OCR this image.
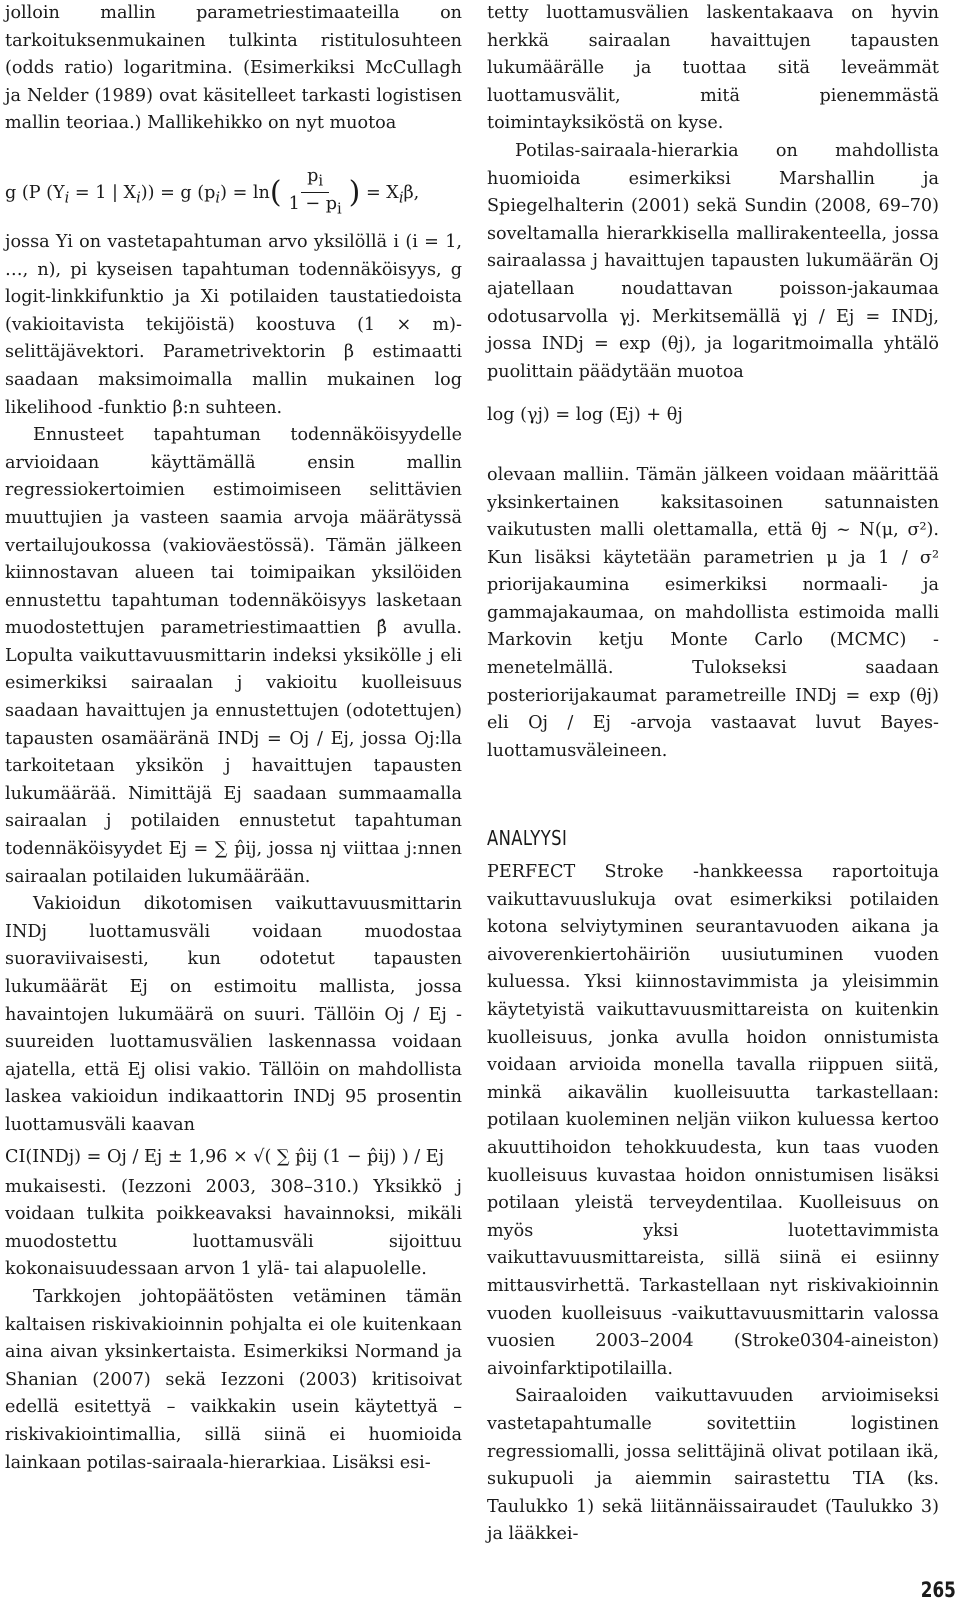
jolloin mallin parametriestimaateilla on tarkoituksenmukainen tulkinta ristitulosuhteen (odds ratio) logaritmina. (Esimerkiksi McCullagh ja Nelder (1989) ovat käsitelleet tarkasti logistisen mallin teoriaa.) Mallikehikko on nyt muotoa

g (P ($Y_i = 1$ | $X_i)) = g$ $(p_i) = \ln( \frac{p_i}{1 - p_i}$ ) = $X_i\beta$,

jossa Yi on vastetapahtuman arvo yksilöllä i (i = 1, …, n), pi kyseisen tapahtuman todennäköisyys, g logit-linkkifunktio ja Xi potilaiden taustatiedoista (vakioitavista tekijöistä) koostuva (1 × m)-selittäjävektori. Parametrivektorin β estimaatti saadaan maksimoimalla mallin mukainen log likelihood -funktio β:n suhteen.

Ennusteet tapahtuman todennäköisyydelle arvioidaan käyttämällä ensin mallin regressiokertoimien estimoimiseen selittävien muuttujien ja vasteen saamia arvoja määrätyssä vertailujoukossa (vakioväestössä). Tämän jälkeen kiinnostavan alueen tai toimipaikan yksilöiden ennustettu tapahtuman todennäköisyys lasketaan muodostettujen parametriestimaattien β̂ avulla. Lopulta vaikuttavuusmittarin indeksi yksikölle j eli esimerkiksi sairaalan j vakioitu kuolleisuus saadaan havaittujen ja ennustettujen (odotettujen) tapausten osamääränä INDj = Oj / Ej, jossa Oj:lla tarkoitetaan yksikön j havaittujen tapausten lukumäärää. Nimittäjä Ej saadaan summaamalla sairaalan j potilaiden ennustetut tapahtuman todennäköisyydet Ej = ∑ p̂ij, jossa nj viittaa j:nnen sairaalan potilaiden lukumäärään.

Vakioidun dikotomisen vaikuttavuusmittarin INDj luottamusväli voidaan muodostaa suoraviivaisesti, kun odotetut tapausten lukumäärät Ej on estimoitu mallista, jossa havaintojen lukumäärä on suuri. Tällöin Oj / Ej -suureiden luottamusvälien laskennassa voidaan ajatella, että Ej olisi vakio. Tällöin on mahdollista laskea vakioidun indikaattorin INDj 95 prosentin luottamusväli kaavan

CI(INDj) = Oj / Ej ± 1,96 × √( ∑ p̂ij (1 − p̂ij) ) / Ej

mukaisesti. (Iezzoni 2003, 308–310.) Yksikkö j voidaan tulkita poikkeavaksi havainnoksi, mikäli muodostettu luottamusväli sijoittuu kokonaisuudessaan arvon 1 ylä- tai alapuolelle.

Tarkkojen johtopäätösten vetäminen tämän kaltaisen riskivakioinnin pohjalta ei ole kuitenkaan aina aivan yksinkertaista. Esimerkiksi Normand ja Shanian (2007) sekä Iezzoni (2003) kritisoivat edellä esitettyä – vaikkakin usein käytettyä – riskivakiointimallia, sillä siinä ei huomioida lainkaan potilas-sairaala-hierarkiaa. Lisäksi esi-

tetty luottamusvälien laskentakaava on hyvin herkkä sairaalan havaittujen tapausten lukumäärälle ja tuottaa sitä leveämmät luottamusvälit, mitä pienemmästä toimintayksiköstä on kyse.

Potilas-sairaala-hierarkia on mahdollista huomioida esimerkiksi Marshallin ja Spiegelhalterin (2001) sekä Sundin (2008, 69–70) soveltamalla hierarkkisella mallirakenteella, jossa sairaalassa j havaittujen tapausten lukumäärän Oj ajatellaan noudattavan poisson-jakaumaa odotusarvolla γj. Merkitsemällä γj / Ej = INDj, jossa INDj = exp (θj), ja logaritmoimalla yhtälö puolittain päädytään muotoa

log (γj) = log (Ej) + θj

olevaan malliin. Tämän jälkeen voidaan määrittää yksinkertainen kaksitasoinen satunnaisten vaikutusten malli olettamalla, että θj ~ N(μ, σ²). Kun lisäksi käytetään parametrien μ ja 1 / σ² priorijakaumina esimerkiksi normaali- ja gammajakaumaa, on mahdollista estimoida malli Markovin ketju Monte Carlo (MCMC) -menetelmällä. Tulokseksi saadaan posteriorijakaumat parametreille INDj = exp (θj) eli Oj / Ej -arvoja vastaavat luvut Bayes-luottamusväleineen.

ANALYYSI

PERFECT Stroke -hankkeessa raportoituja vaikuttavuuslukuja ovat esimerkiksi potilaiden kotona selviytyminen seurantavuoden aikana ja aivoverenkiertohäiriön uusiutuminen vuoden kuluessa. Yksi kiinnostavimmista ja yleisimmin käytetyistä vaikuttavuusmittareista on kuitenkin kuolleisuus, jonka avulla hoidon onnistumista voidaan arvioida monella tavalla riippuen siitä, minkä aikavälin kuolleisuutta tarkastellaan: potilaan kuoleminen neljän viikon kuluessa kertoo akuuttihoidon tehokkuudesta, kun taas vuoden kuolleisuus kuvastaa hoidon onnistumisen lisäksi potilaan yleistä terveydentilaa. Kuolleisuus on myös yksi luotettavimmista vaikuttavuusmittareista, sillä siinä ei esiinny mittausvirhettä. Tarkastellaan nyt riskivakioinnin vuoden kuolleisuus -vaikuttavuusmittarin valossa vuosien 2003–2004 (Stroke0304-aineiston) aivoinfarktipotilailla.

Sairaaloiden vaikuttavuuden arvioimiseksi vastetapahtumalle sovitettiin logistinen regressiomalli, jossa selittäjinä olivat potilaan ikä, sukupuoli ja aiemmin sairastettu TIA (ks. Taulukko 1) sekä liitännäissairaudet (Taulukko 3) ja lääkkei-

265
